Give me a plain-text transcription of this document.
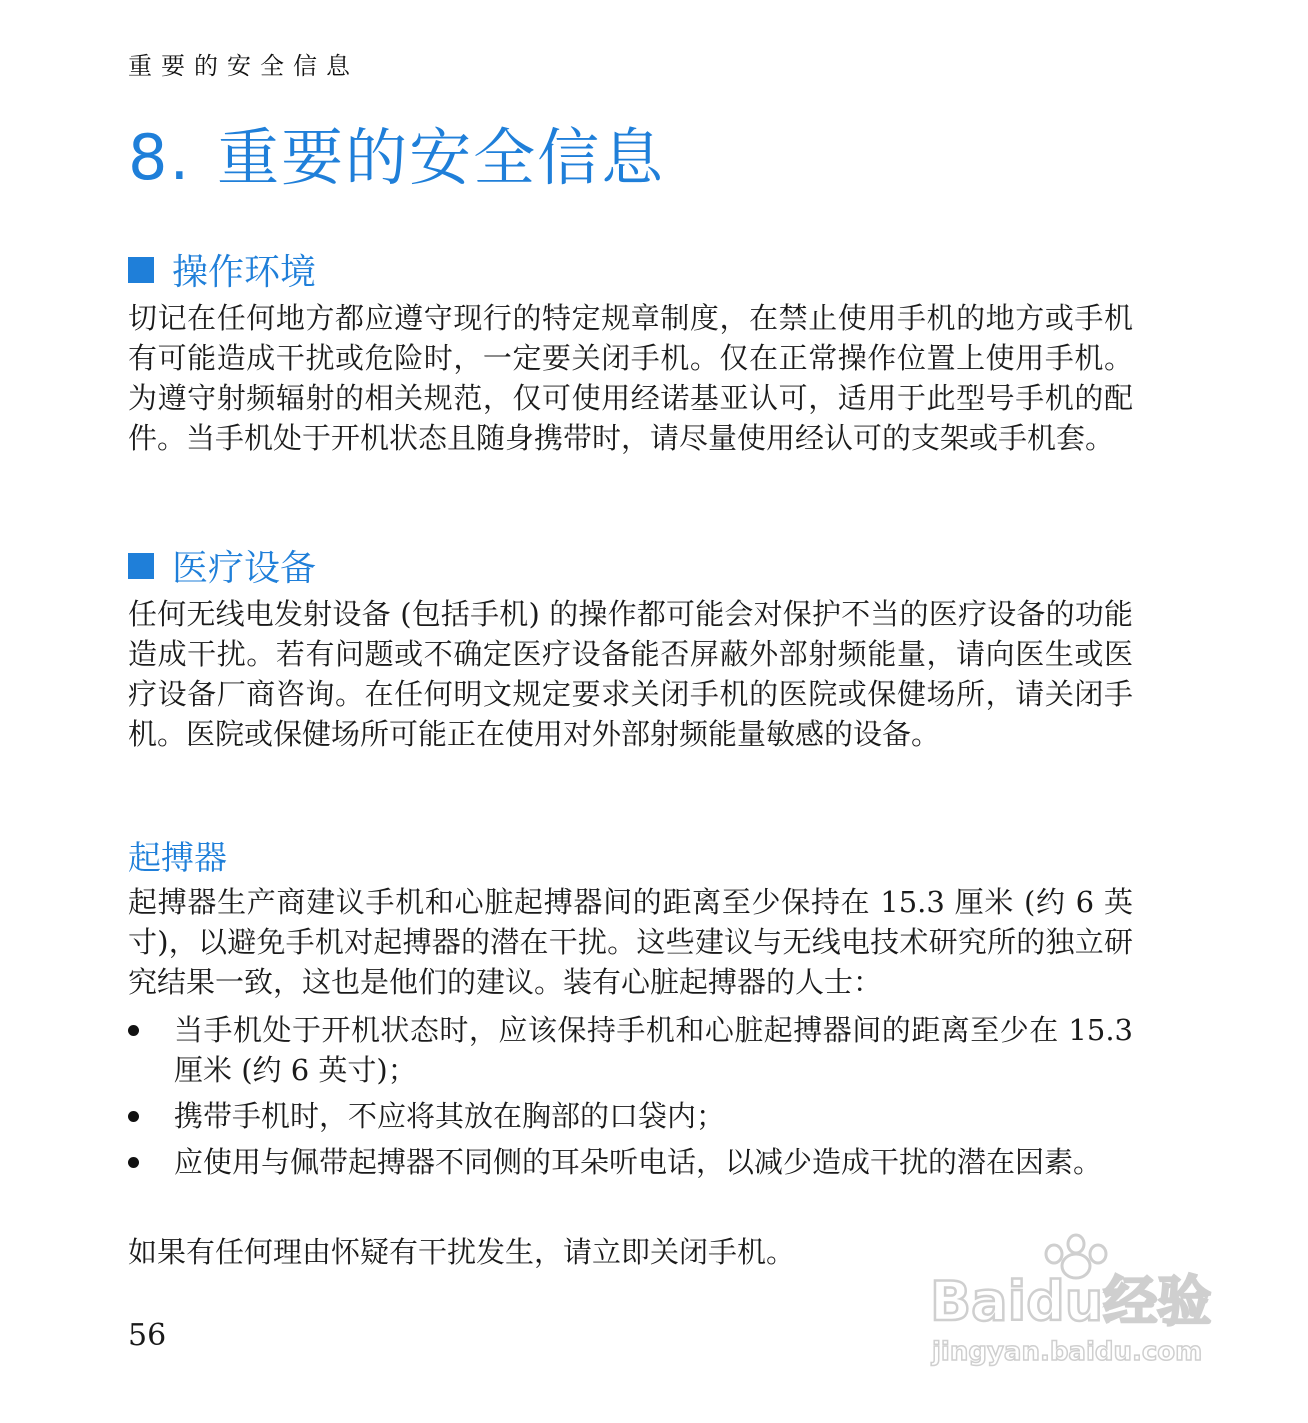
重要的安全信息
8. 重要的安全信息
操作环境
切记在任何地方都应遵守现行的特定规章制度，在禁止使用手机的地方或手机有可能造成干扰或危险时，一定要关闭手机。仅在正常操作位置上使用手机。为遵守射频辐射的相关规范，仅可使用经诺基亚认可，适用于此型号手机的配件。当手机处于开机状态且随身携带时，请尽量使用经认可的支架或手机套。
医疗设备
任何无线电发射设备 (包括手机) 的操作都可能会对保护不当的医疗设备的功能造成干扰。若有问题或不确定医疗设备能否屏蔽外部射频能量，请向医生或医疗设备厂商咨询。在任何明文规定要求关闭手机的医院或保健场所，请关闭手机。医院或保健场所可能正在使用对外部射频能量敏感的设备。
起搏器
起搏器生产商建议手机和心脏起搏器间的距离至少保持在 15.3 厘米 (约 6 英寸)，以避免手机对起搏器的潜在干扰。这些建议与无线电技术研究所的独立研究结果一致，这也是他们的建议。装有心脏起搏器的人士：
当手机处于开机状态时，应该保持手机和心脏起搏器间的距离至少在 15.3 厘米 (约 6 英寸)；
携带手机时，不应将其放在胸部的口袋内；
应使用与佩带起搏器不同侧的耳朵听电话，以减少造成干扰的潜在因素。
如果有任何理由怀疑有干扰发生，请立即关闭手机。
56
Baidu经验
jingyan.baidu.com
